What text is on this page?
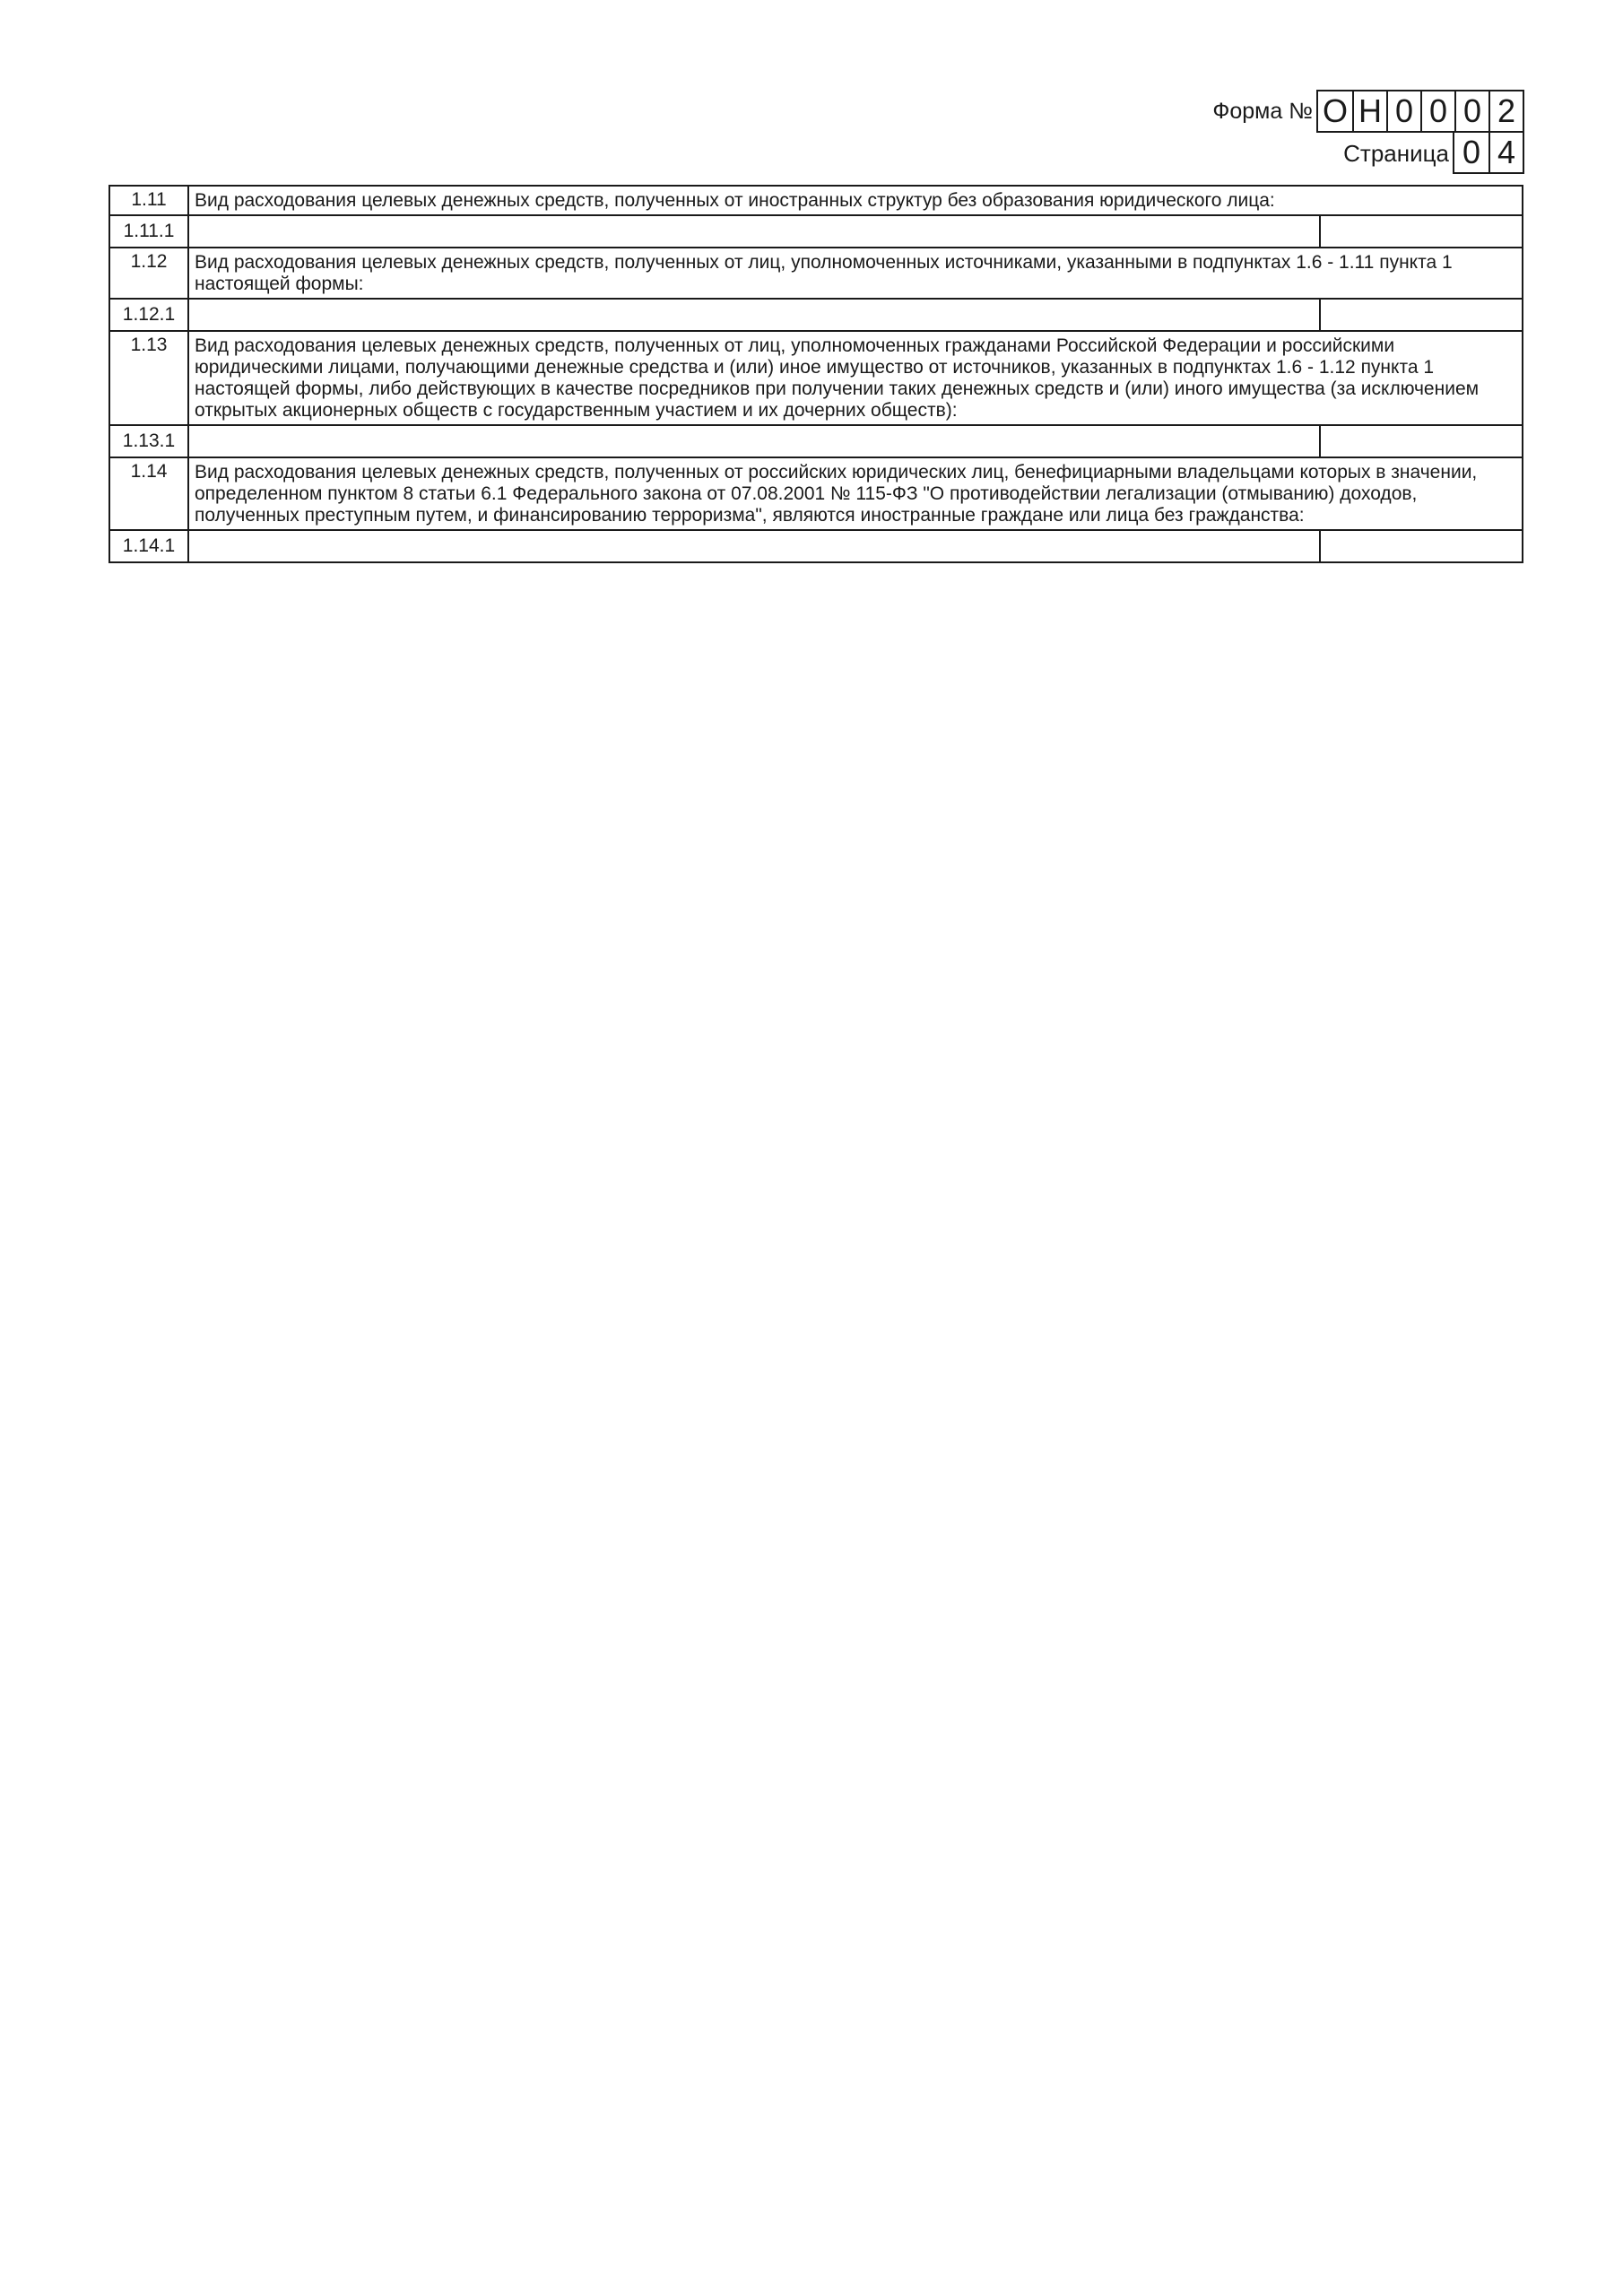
Форма № О Н 0 0 0 2
Страница 0 4
1.11	Вид расходования целевых денежных средств, полученных от иностранных структур без образования юридического лица:	

1.11.1	

1.12	Вид расходования целевых денежных средств, полученных от лиц, уполномоченных источниками, указанными в подпунктах 1.6 - 1.11 пункта 1 настоящей формы:	

1.12.1	

1.13	Вид расходования целевых денежных средств, полученных от лиц, уполномоченных гражданами Российской Федерации и российскими юридическими лицами, получающими денежные средства и (или) иное имущество от источников, указанных в подпунктах 1.6 - 1.12 пункта 1 настоящей формы, либо действующих в качестве посредников при получении таких денежных средств и (или) иного имущества (за исключением открытых акционерных обществ с государственным участием и их дочерних обществ):	

1.13.1	

1.14	Вид расходования целевых денежных средств, полученных от российских юридических лиц, бенефициарными владельцами которых в значении, определенном пунктом 8 статьи 6.1 Федерального закона от 07.08.2001 № 115-ФЗ "О противодействии легализации (отмыванию) доходов, полученных преступным путем, и финансированию терроризма", являются иностранные граждане или лица без гражданства:	

1.14.1	
